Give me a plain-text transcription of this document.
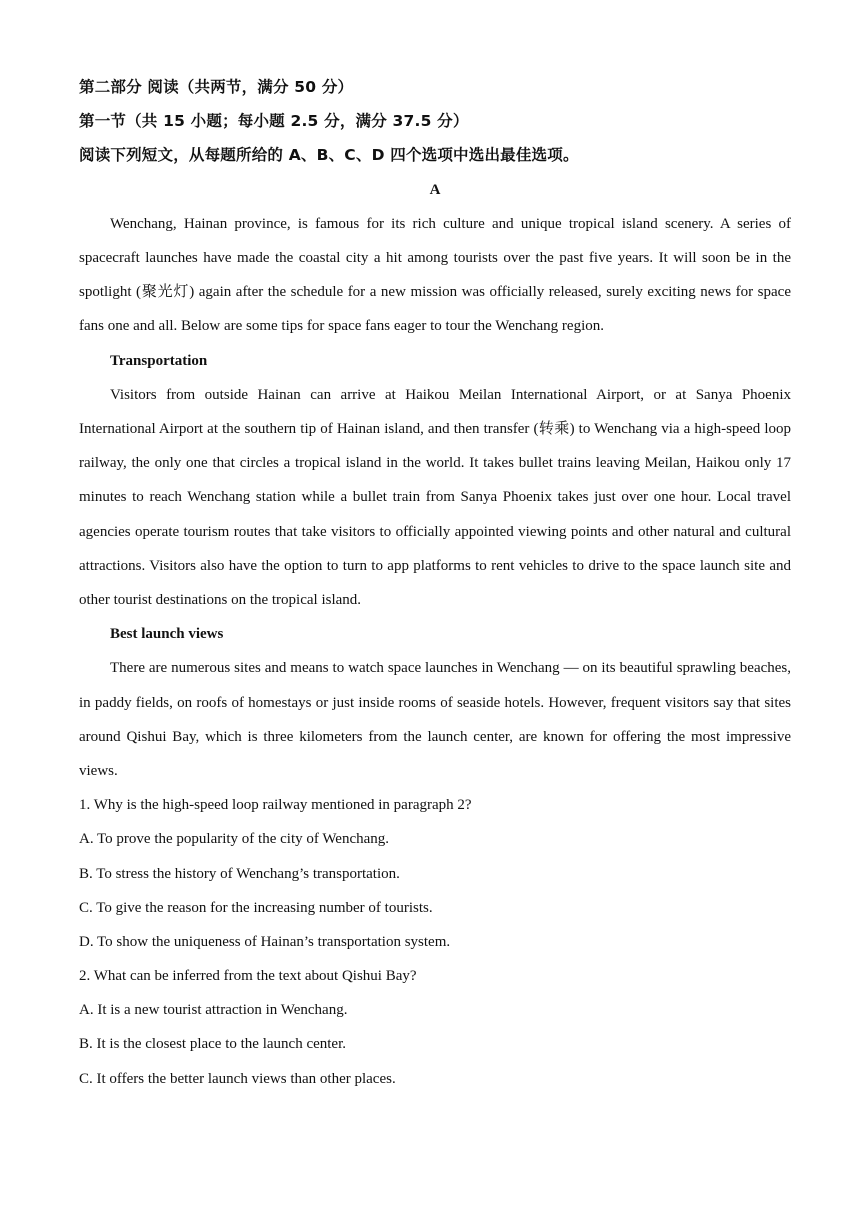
第二部分 阅读（共两节，满分 50 分）
第一节（共 15 小题；每小题 2.5 分，满分 37.5 分）
阅读下列短文，从每题所给的 A、B、C、D 四个选项中选出最佳选项。
A

Wenchang, Hainan province, is famous for its rich culture and unique tropical island scenery. A series of spacecraft launches have made the coastal city a hit among tourists over the past five years. It will soon be in the spotlight (聚光灯) again after the schedule for a new mission was officially released, surely exciting news for space fans one and all. Below are some tips for space fans eager to tour the Wenchang region.

Transportation

Visitors from outside Hainan can arrive at Haikou Meilan International Airport, or at Sanya Phoenix International Airport at the southern tip of Hainan island, and then transfer (转乘) to Wenchang via a high-speed loop railway, the only one that circles a tropical island in the world. It takes bullet trains leaving Meilan, Haikou only 17 minutes to reach Wenchang station while a bullet train from Sanya Phoenix takes just over one hour. Local travel agencies operate tourism routes that take visitors to officially appointed viewing points and other natural and cultural attractions. Visitors also have the option to turn to app platforms to rent vehicles to drive to the space launch site and other tourist destinations on the tropical island.

Best launch views

There are numerous sites and means to watch space launches in Wenchang — on its beautiful sprawling beaches, in paddy fields, on roofs of homestays or just inside rooms of seaside hotels. However, frequent visitors say that sites around Qishui Bay, which is three kilometers from the launch center, are known for offering the most impressive views.

1. Why is the high-speed loop railway mentioned in paragraph 2?
A. To prove the popularity of the city of Wenchang.
B. To stress the history of Wenchang’s transportation.
C. To give the reason for the increasing number of tourists.
D. To show the uniqueness of Hainan’s transportation system.
2. What can be inferred from the text about Qishui Bay?
A. It is a new tourist attraction in Wenchang.
B. It is the closest place to the launch center.
C. It offers the better launch views than other places.
